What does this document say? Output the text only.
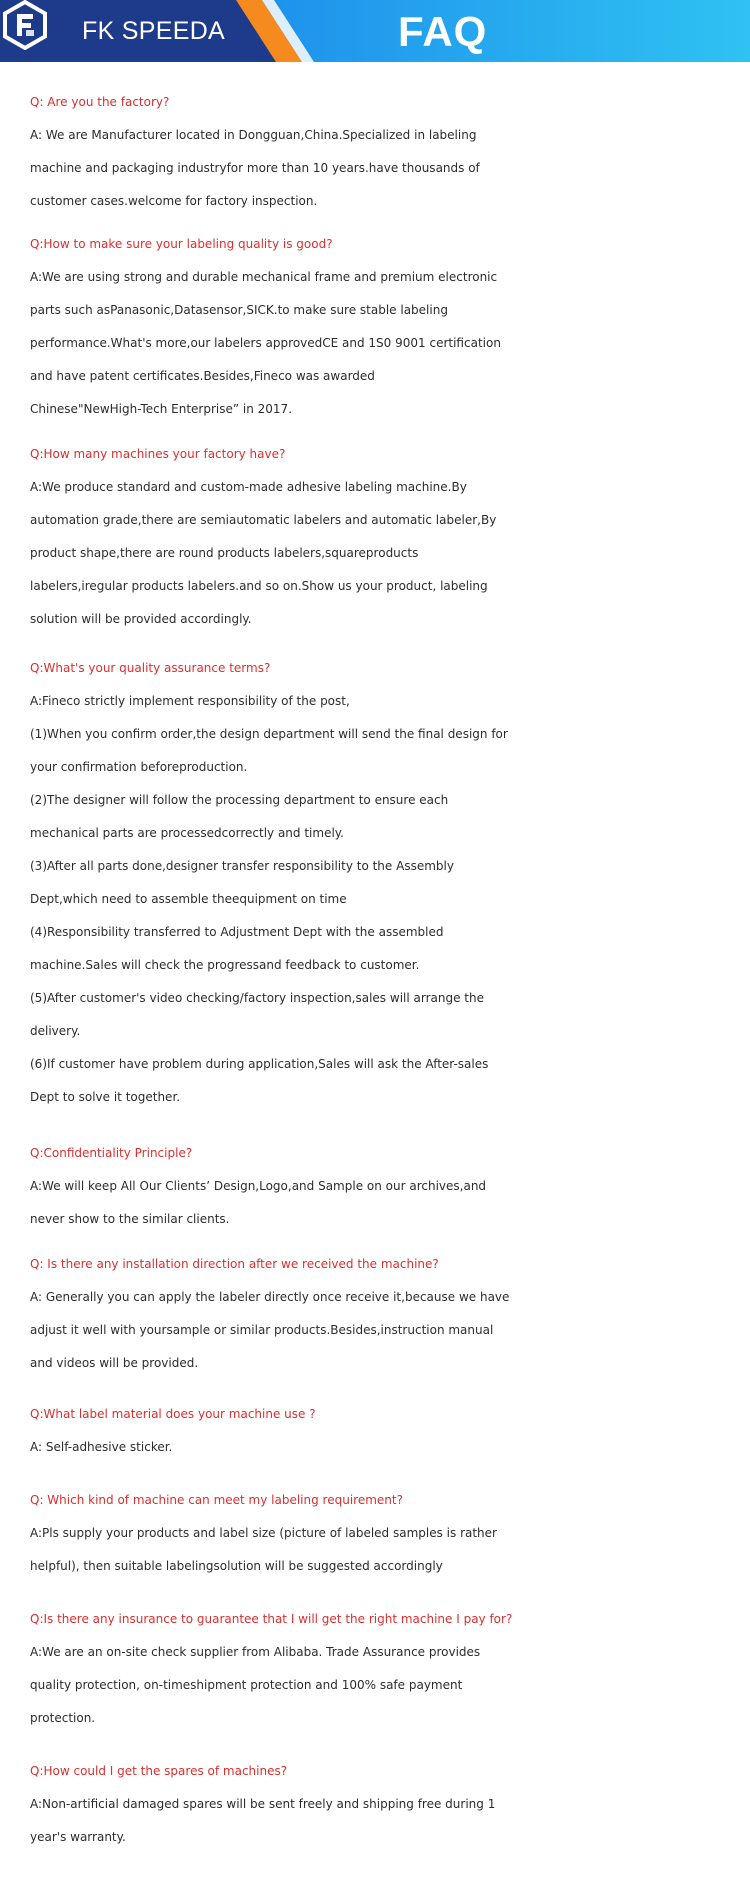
FK SPEEDA	FAQ

Q: Are you the factory?

A: We are Manufacturer located in Dongguan,China.Specialized in labeling
machine and packaging industryfor more than 10 years.have thousands of
customer cases.welcome for factory inspection.

Q:How to make sure your labeling quality is good?

A:We are using strong and durable mechanical frame and premium electronic
parts such asPanasonic,Datasensor,SICK.to make sure stable labeling
performance.What's more,our labelers approvedCE and 1S0 9001 certification
and have patent certificates.Besides,Fineco was awarded
Chinese"NewHigh-Tech Enterprise” in 2017.

Q:How many machines your factory have?

A:We produce standard and custom-made adhesive labeling machine.By
automation grade,there are semiautomatic labelers and automatic labeler,By
product shape,there are round products labelers,squareproducts
labelers,iregular products labelers.and so on.Show us your product, labeling
solution will be provided accordingly.

Q:What's your quality assurance terms?

A:Fineco strictly implement responsibility of the post,
(1)When you confirm order,the design department will send the final design for
your confirmation beforeproduction.
(2)The designer will follow the processing department to ensure each
mechanical parts are processedcorrectly and timely.
(3)After all parts done,designer transfer responsibility to the Assembly
Dept,which need to assemble theequipment on time
(4)Responsibility transferred to Adjustment Dept with the assembled
machine.Sales will check the progressand feedback to customer.
(5)After customer's video checking/factory inspection,sales will arrange the
delivery.
(6)If customer have problem during application,Sales will ask the After-sales
Dept to solve it together.

Q:Confidentiality Principle?

A:We will keep All Our Clients’ Design,Logo,and Sample on our archives,and
never show to the similar clients.

Q: Is there any installation direction after we received the machine?

A: Generally you can apply the labeler directly once receive it,because we have
adjust it well with yoursample or similar products.Besides,instruction manual
and videos will be provided.

Q:What label material does your machine use ?

A: Self-adhesive sticker.

Q: Which kind of machine can meet my labeling requirement?

A:Pls supply your products and label size (picture of labeled samples is rather
helpful), then suitable labelingsolution will be suggested accordingly

Q:Is there any insurance to guarantee that I will get the right machine I pay for?

A:We are an on-site check supplier from Alibaba. Trade Assurance provides
quality protection, on-timeshipment protection and 100% safe payment
protection.

Q:How could I get the spares of machines?

A:Non-artificial damaged spares will be sent freely and shipping free during 1
year's warranty.
